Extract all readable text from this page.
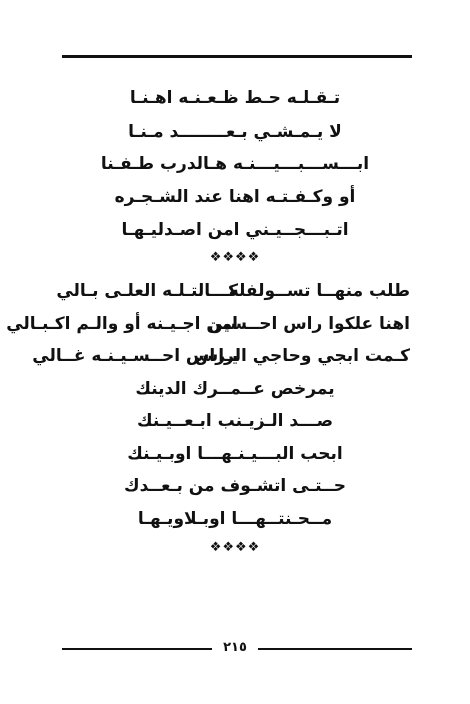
تـقـلـه حـط ظـعـنـه اهـنـا
لا يـمـشـي بـعــــــــد مـنـا
ابـــســـبـــيـــنـه هـالدرب طـفـنا
أو وكـفـتـه اهنا عند الشـجـره
اتـبـــجــيـني امن اصـدليـهـا
❖❖❖❖
طلب منهــا تســولفله
كـــالتـلـه العلـى بـالي
اهنا علكوا راس احــسين
امن اجـيـنه أو والـم اكـبـالي
كـمت ابجي وحاجي الراس
يـراس احــسـيـنـه غــالي
يمرخص عــمــرك الدينك
صـــد الـزيـنب ابـعــيـنك
ابحب البـــيـنـهـــا اوبـيـنك
حــتـى اتشـوف من بـعــدك
مــحـنتــهـــا اوبـلاويـهـا
❖❖❖❖
٢١٥
